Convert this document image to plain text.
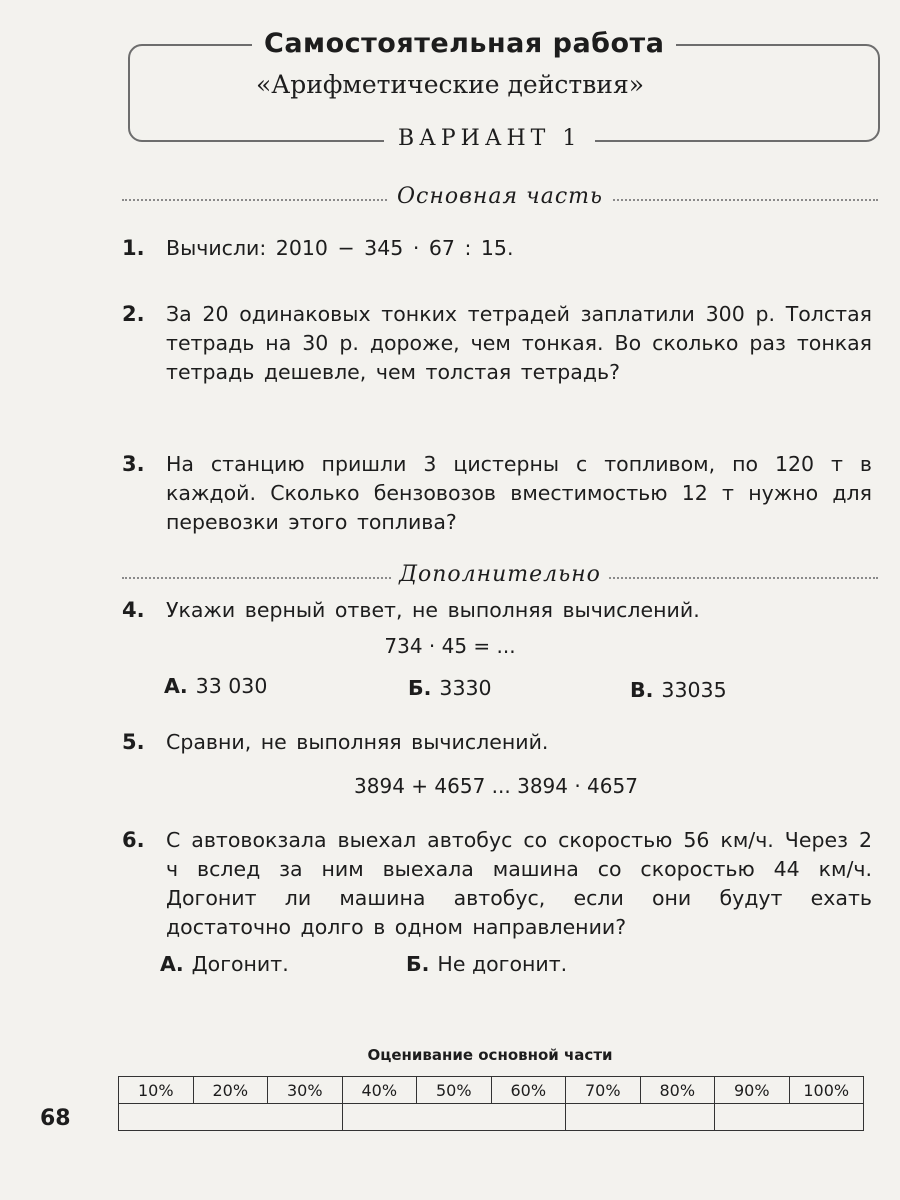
Самостоятельная работа
«Арифметические действия»
ВАРИАНТ 1
Основная часть
1. Вычисли: 2010 − 345 · 67 : 15.
2. За 20 одинаковых тонких тетрадей заплатили 300 р. Толстая тетрадь на 30 р. дороже, чем тонкая. Во сколько раз тонкая тетрадь дешевле, чем толстая тетрадь?
3. На станцию пришли 3 цистерны с топливом, по 120 т в каждой. Сколько бензовозов вместимостью 12 т нужно для перевозки этого топлива?
Дополнительно
4. Укажи верный ответ, не выполняя вычислений.
734 · 45 = ...
А. 33 030	Б. 3330	В. 33035
5. Сравни, не выполняя вычислений.
3894 + 4657 ... 3894 · 4657
6. С автовокзала выехал автобус со скоростью 56 км/ч. Через 2 ч вслед за ним выехала машина со скоростью 44 км/ч. Догонит ли машина автобус, если они будут ехать достаточно долго в одном направлении?
А. Догонит.	Б. Не догонит.
Оценивание основной части
10%	20%	30%	40%	50%	60%	70%	80%	90%	100%

68
